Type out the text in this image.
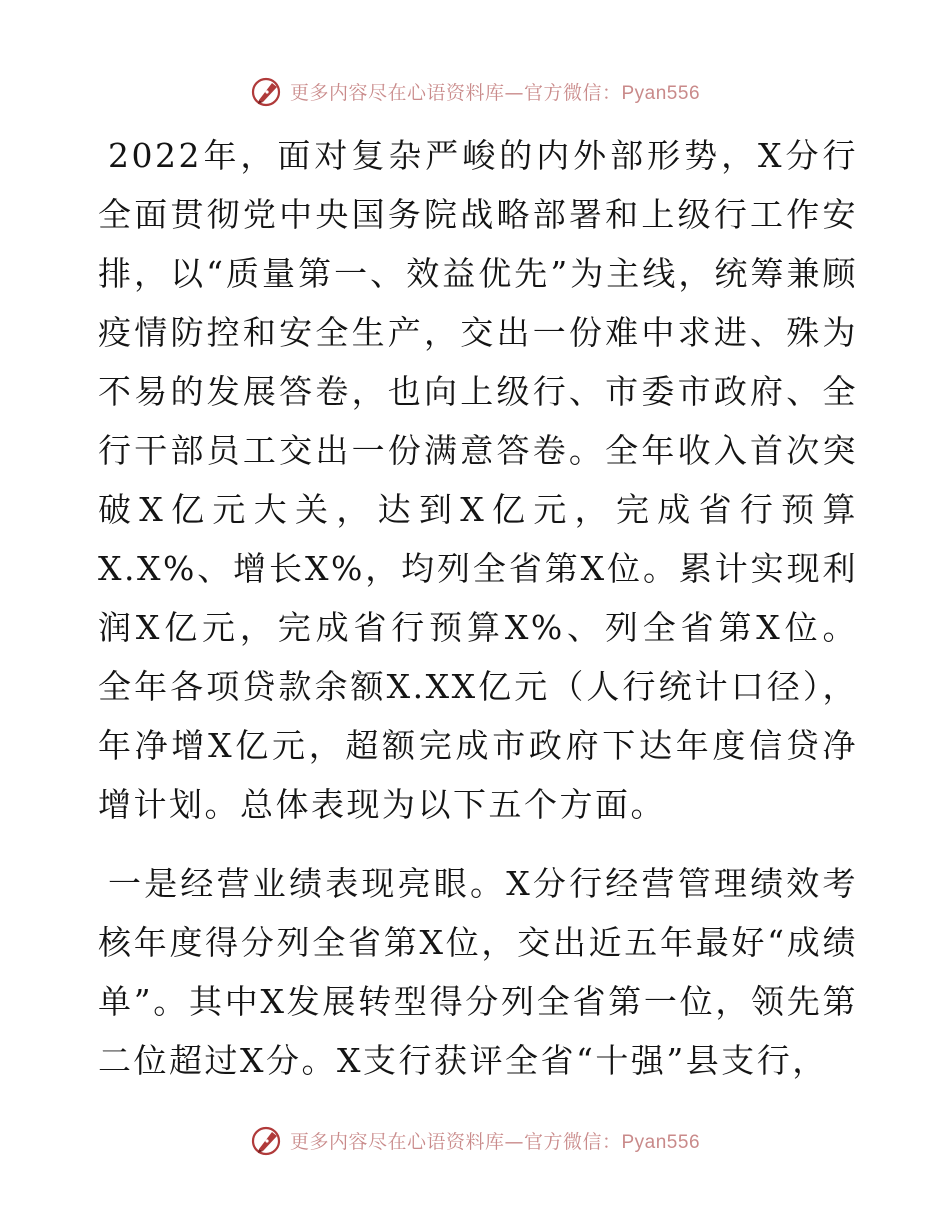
更多内容尽在心语资料库—官方微信：Pyan556

2022年，面对复杂严峻的内外部形势，X分行全面贯彻党中央国务院战略部署和上级行工作安排，以“质量第一、效益优先”为主线，统筹兼顾疫情防控和安全生产，交出一份难中求进、殊为不易的发展答卷，也向上级行、市委市政府、全行干部员工交出一份满意答卷。全年收入首次突破X亿元大关，达到X亿元，完成省行预算X.X%、增长X%，均列全省第X位。累计实现利润X亿元，完成省行预算X%、列全省第X位。 全年各项贷款余额X.XX亿元（人行统计口径），年净增X亿元，超额完成市政府下达年度信贷净增计划。总体表现为以下五个方面。

一是经营业绩表现亮眼。X分行经营管理绩效考核年度得分列全省第X位，交出近五年最好“成绩单”。其中X发展转型得分列全省第一位，领先第二位超过X分。X支行获评全省“十强”县支行，

更多内容尽在心语资料库—官方微信：Pyan556
